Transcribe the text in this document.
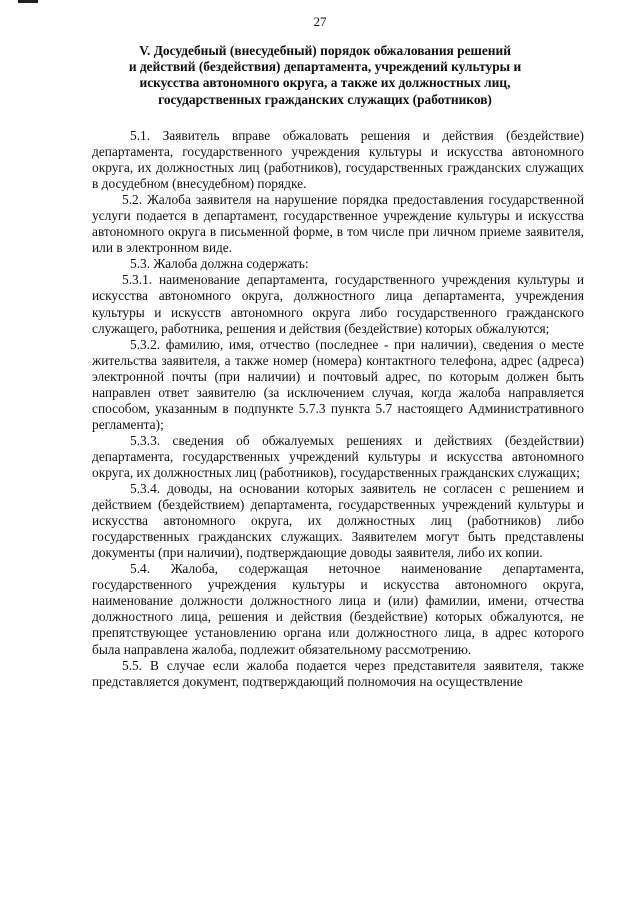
27
V. Досудебный (внесудебный) порядок обжалования решений
и действий (бездействия) департамента, учреждений культуры и
искусства автономного округа, а также их должностных лиц,
государственных гражданских служащих (работников)

5.1. Заявитель вправе обжаловать решения и действия (бездействие) департамента, государственного учреждения культуры и искусства автономного округа, их должностных лиц (работников), государственных гражданских служащих в досудебном (внесудебном) порядке.

5.2. Жалоба заявителя на нарушение порядка предоставления государственной услуги подается в департамент, государственное учреждение культуры и искусства автономного округа в письменной форме, в том числе при личном приеме заявителя, или в электронном виде.

5.3. Жалоба должна содержать:

5.3.1. наименование департамента, государственного учреждения культуры и искусства автономного округа, должностного лица департамента, учреждения культуры и искусств автономного округа либо государственного гражданского служащего, работника, решения и действия (бездействие) которых обжалуются;

5.3.2. фамилию, имя, отчество (последнее - при наличии), сведения о месте жительства заявителя, а также номер (номера) контактного телефона, адрес (адреса) электронной почты (при наличии) и почтовый адрес, по которым должен быть направлен ответ заявителю (за исключением случая, когда жалоба направляется способом, указанным в подпункте 5.7.3 пункта 5.7 настоящего Административного регламента);

5.3.3. сведения об обжалуемых решениях и действиях (бездействии) департамента, государственных учреждений культуры и искусства автономного округа, их должностных лиц (работников), государственных гражданских служащих;

5.3.4. доводы, на основании которых заявитель не согласен с решением и действием (бездействием) департамента, государственных учреждений культуры и искусства автономного округа, их должностных лиц (работников) либо государственных гражданских служащих. Заявителем могут быть представлены документы (при наличии), подтверждающие доводы заявителя, либо их копии.

5.4. Жалоба, содержащая неточное наименование департамента, государственного учреждения культуры и искусства автономного округа, наименование должности должностного лица и (или) фамилии, имени, отчества должностного лица, решения и действия (бездействие) которых обжалуются, не препятствующее установлению органа или должностного лица, в адрес которого была направлена жалоба, подлежит обязательному рассмотрению.

5.5. В случае если жалоба подается через представителя заявителя, также представляется документ, подтверждающий полномочия на осуществление
